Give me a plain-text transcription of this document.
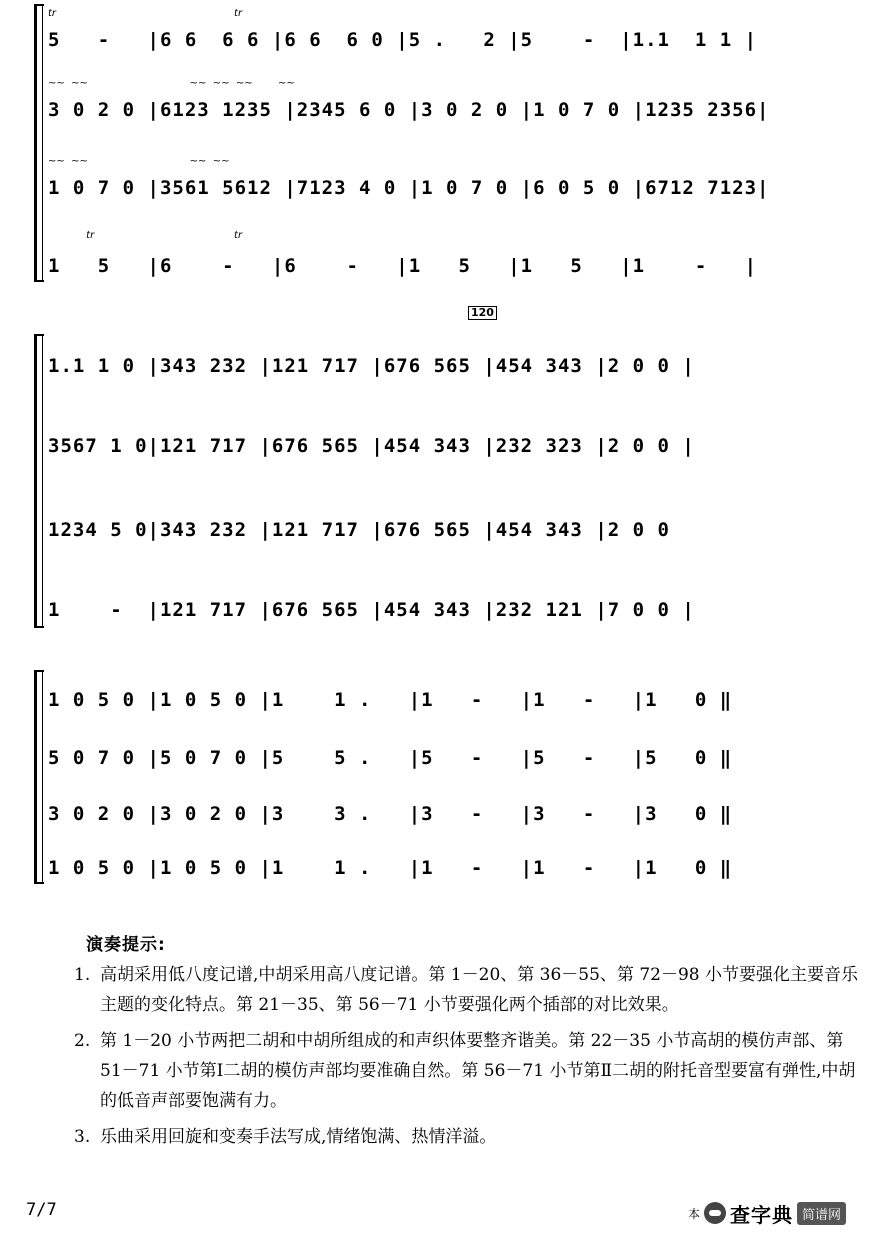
tr                                                        tr
5   -   |6 6  6 6 |6 6  6 0 |5 .   2 |5    -  |1.1  1 1 |
~~  ~~                                ~~  ~~  ~~        ~~
3 0 2 0 |6123 1235 |2345 6 0 |3 0 2 0 |1 0 7 0 |1235 2356|
~~  ~~                                ~~  ~~
1 0 7 0 |3561 5612 |7123 4 0 |1 0 7 0 |6 0 5 0 |6712 7123|
tr                                            tr
1   5   |6    -   |6    -   |1   5   |1   5   |1    -   |
120
1.1 1 0 |343 232 |121 717 |676 565 |454 343 |2 0 0 |
3567 1 0|121 717 |676 565 |454 343 |232 323 |2 0 0 |
1234 5 0|343 232 |121 717 |676 565 |454 343 |2 0 0
1    -  |121 717 |676 565 |454 343 |232 121 |7 0 0 |
1 0 5 0 |1 0 5 0 |1    1 .   |1   -   |1   -   |1   0 ‖
5 0 7 0 |5 0 7 0 |5    5 .   |5   -   |5   -   |5   0 ‖
3 0 2 0 |3 0 2 0 |3    3 .   |3   -   |3   -   |3   0 ‖
1 0 5 0 |1 0 5 0 |1    1 .   |1   -   |1   -   |1   0 ‖
演奏提示:
1. 高胡采用低八度记谱,中胡采用高八度记谱。第 1－20、第 36－55、第 72－98 小节要强化主要音乐主题的变化特点。第 21－35、第 56－71 小节要强化两个插部的对比效果。
2. 第 1－20 小节两把二胡和中胡所组成的和声织体要整齐谐美。第 22－35 小节高胡的模仿声部、第 51－71 小节第Ⅰ二胡的模仿声部均要准确自然。第 56－71 小节第Ⅱ二胡的附托音型要富有弹性,中胡的低音声部要饱满有力。
3. 乐曲采用回旋和变奏手法写成,情绪饱满、热情洋溢。
7/7	本 查字典 简谱网
